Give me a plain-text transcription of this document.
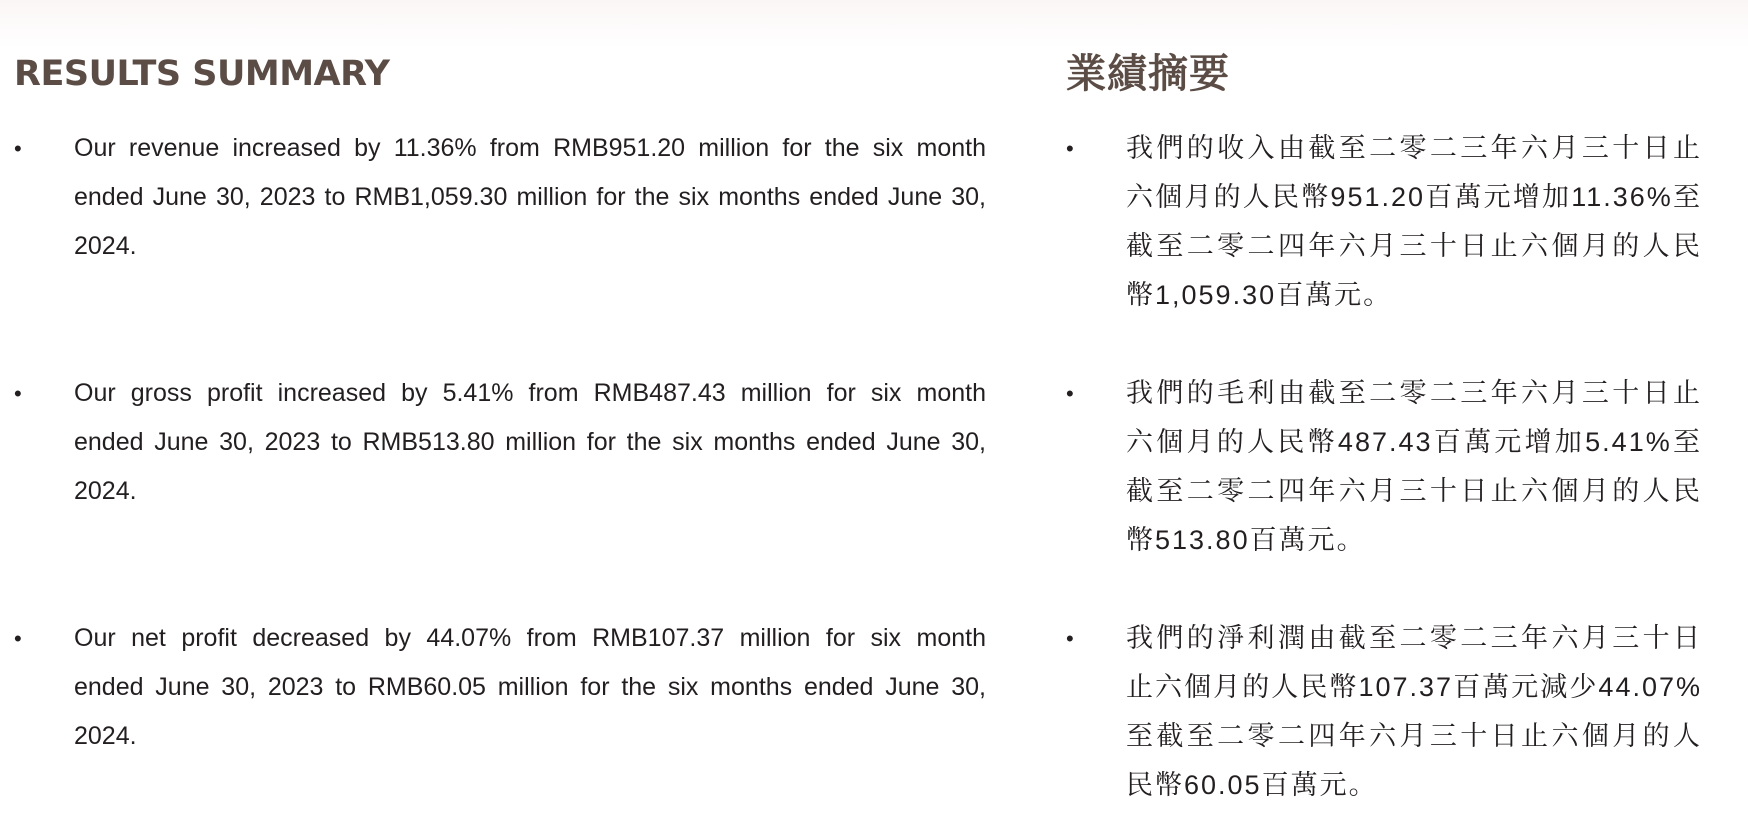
RESULTS SUMMARY
• Our revenue increased by 11.36% from RMB951.20 million for the six month ended June 30, 2023 to RMB1,059.30 million for the six months ended June 30, 2024.

• Our gross profit increased by 5.41% from RMB487.43 million for six month ended June 30, 2023 to RMB513.80 million for the six months ended June 30, 2024.

• Our net profit decreased by 44.07% from RMB107.37 million for six month ended June 30, 2023 to RMB60.05 million for the six months ended June 30, 2024.

業績摘要
• 我們的收入由截至二零二三年六月三十日止六個月的人民幣951.20百萬元增加11.36%至截至二零二四年六月三十日止六個月的人民幣1,059.30百萬元。

• 我們的毛利由截至二零二三年六月三十日止六個月的人民幣487.43百萬元增加5.41%至截至二零二四年六月三十日止六個月的人民幣513.80百萬元。

• 我們的淨利潤由截至二零二三年六月三十日止六個月的人民幣107.37百萬元減少44.07%至截至二零二四年六月三十日止六個月的人民幣60.05百萬元。
